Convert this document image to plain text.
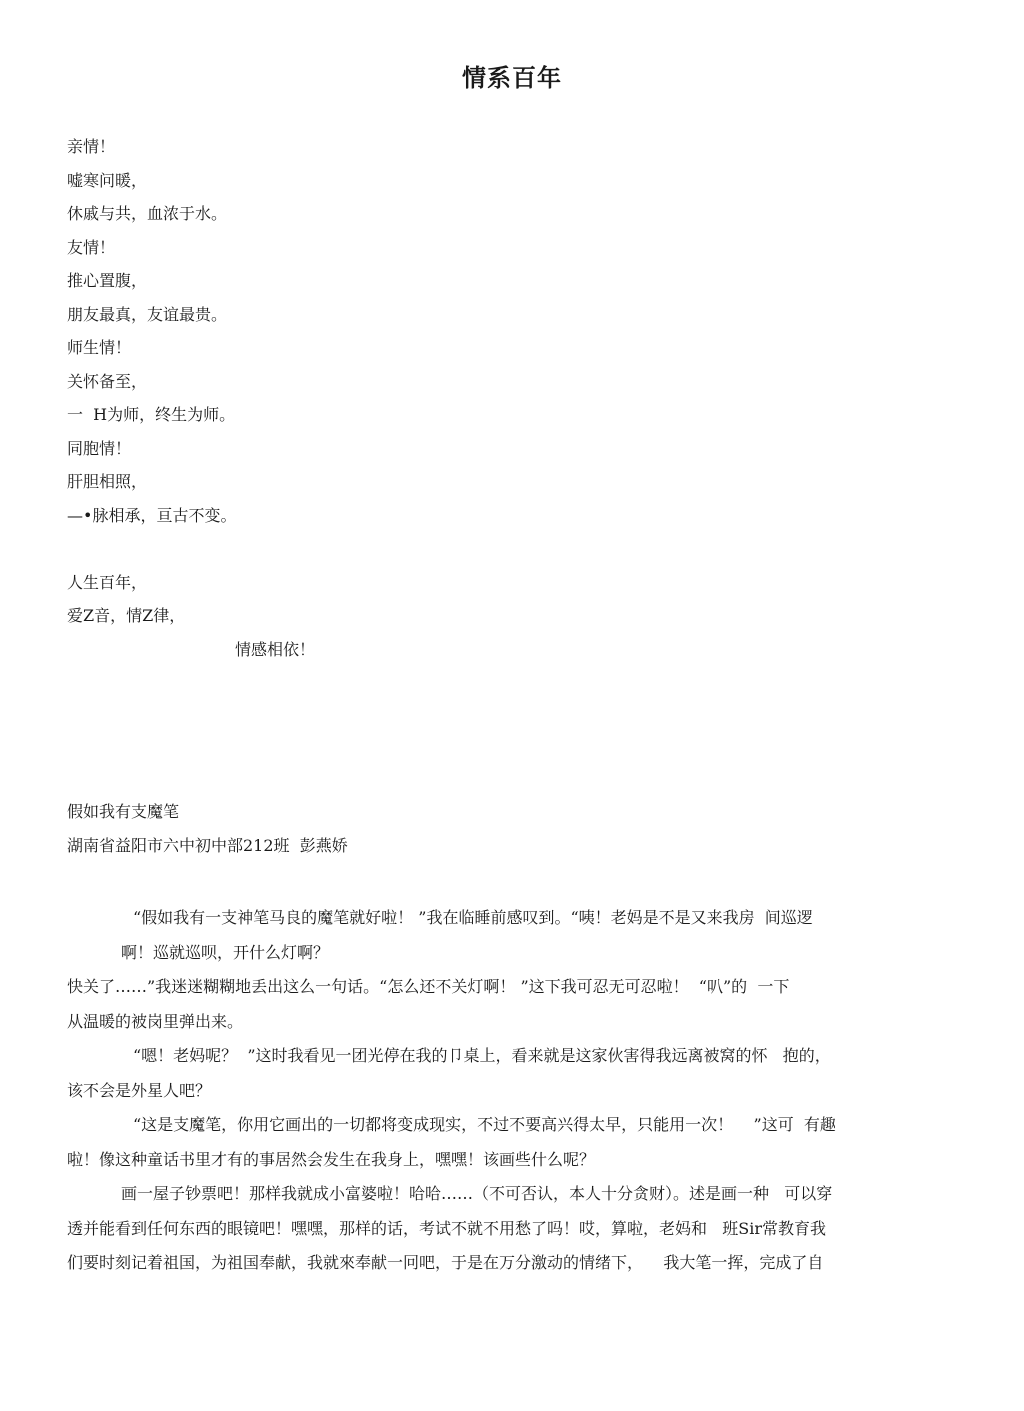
情系百年
亲情！
嘘寒问暖，
休戚与共，血浓于水。
友情！
推心置腹，
朋友最真，友谊最贵。
师生情！
关怀备至，
一  H为师，终生为师。
同胞情！
肝胆相照，
—•脉相承，亘古不变。
人生百年，
爱Z音，情Z律，
情感相依！
假如我有支魔笔
湖南省益阳市六中初中部212班  彭燕娇
“假如我有一支神笔马良的魔笔就好啦！ ”我在临睡前感叹到。“咦！老妈是不是又来我房  间巡逻
啊！巡就巡呗，开什么灯啊？
快关了……”我迷迷糊糊地丢出这么一句话。“怎么还不关灯啊！ ”这下我可忍无可忍啦！  “叭”的  一下
从温暖的被岗里弹出来。
“嗯！老妈呢？  ”这时我看见一团光停在我的卩桌上，看来就是这家伙害得我远离被窝的怀   抱的，
该不会是外星人吧？
“这是支魔笔，你用它画出的一切都将变成现实，不过不要高兴得太早，只能用一次！    ”这可  有趣
啦！像这种童话书里才有的事居然会发生在我身上，嘿嘿！该画些什么呢？
画一屋子钞票吧！那样我就成小富婆啦！哈哈……（不可否认，本人十分贪财）。述是画一种   可以穿
透并能看到任何东西的眼镜吧！嘿嘿，那样的话，考试不就不用愁了吗！哎，算啦，老妈和   班Sir常教育我
们要时刻记着祖国，为祖国奉献，我就來奉献一冋吧，于是在万分激动的情绪下，    我大笔一挥，完成了自
